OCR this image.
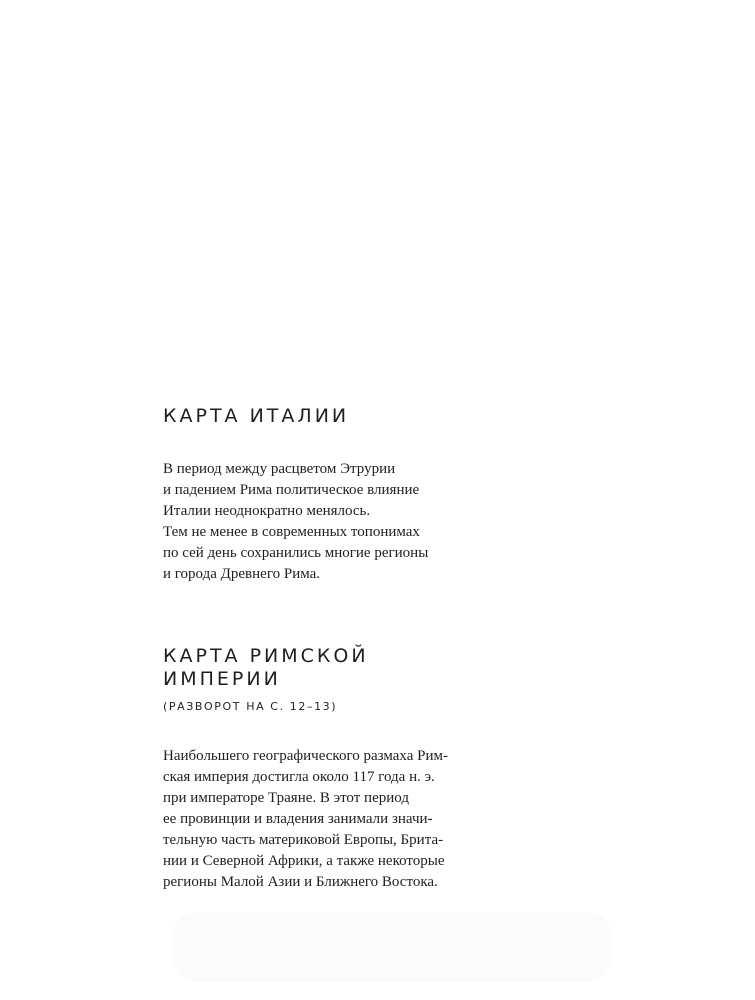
КАРТА ИТАЛИИ
В период между расцветом Этрурии
и падением Рима политическое влияние
Италии неоднократно менялось.
Тем не менее в современных топонимах
по сей день сохранились многие регионы
и города Древнего Рима.
КАРТА РИМСКОЙ
ИМПЕРИИ
(РАЗВОРОТ НА С. 12–13)
Наибольшего географического размаха Рим-
ская империя достигла около 117 года н. э.
при императоре Траяне. В этот период
ее провинции и владения занимали значи-
тельную часть материковой Европы, Брита-
нии и Северной Африки, а также некоторые
регионы Малой Азии и Ближнего Востока.
